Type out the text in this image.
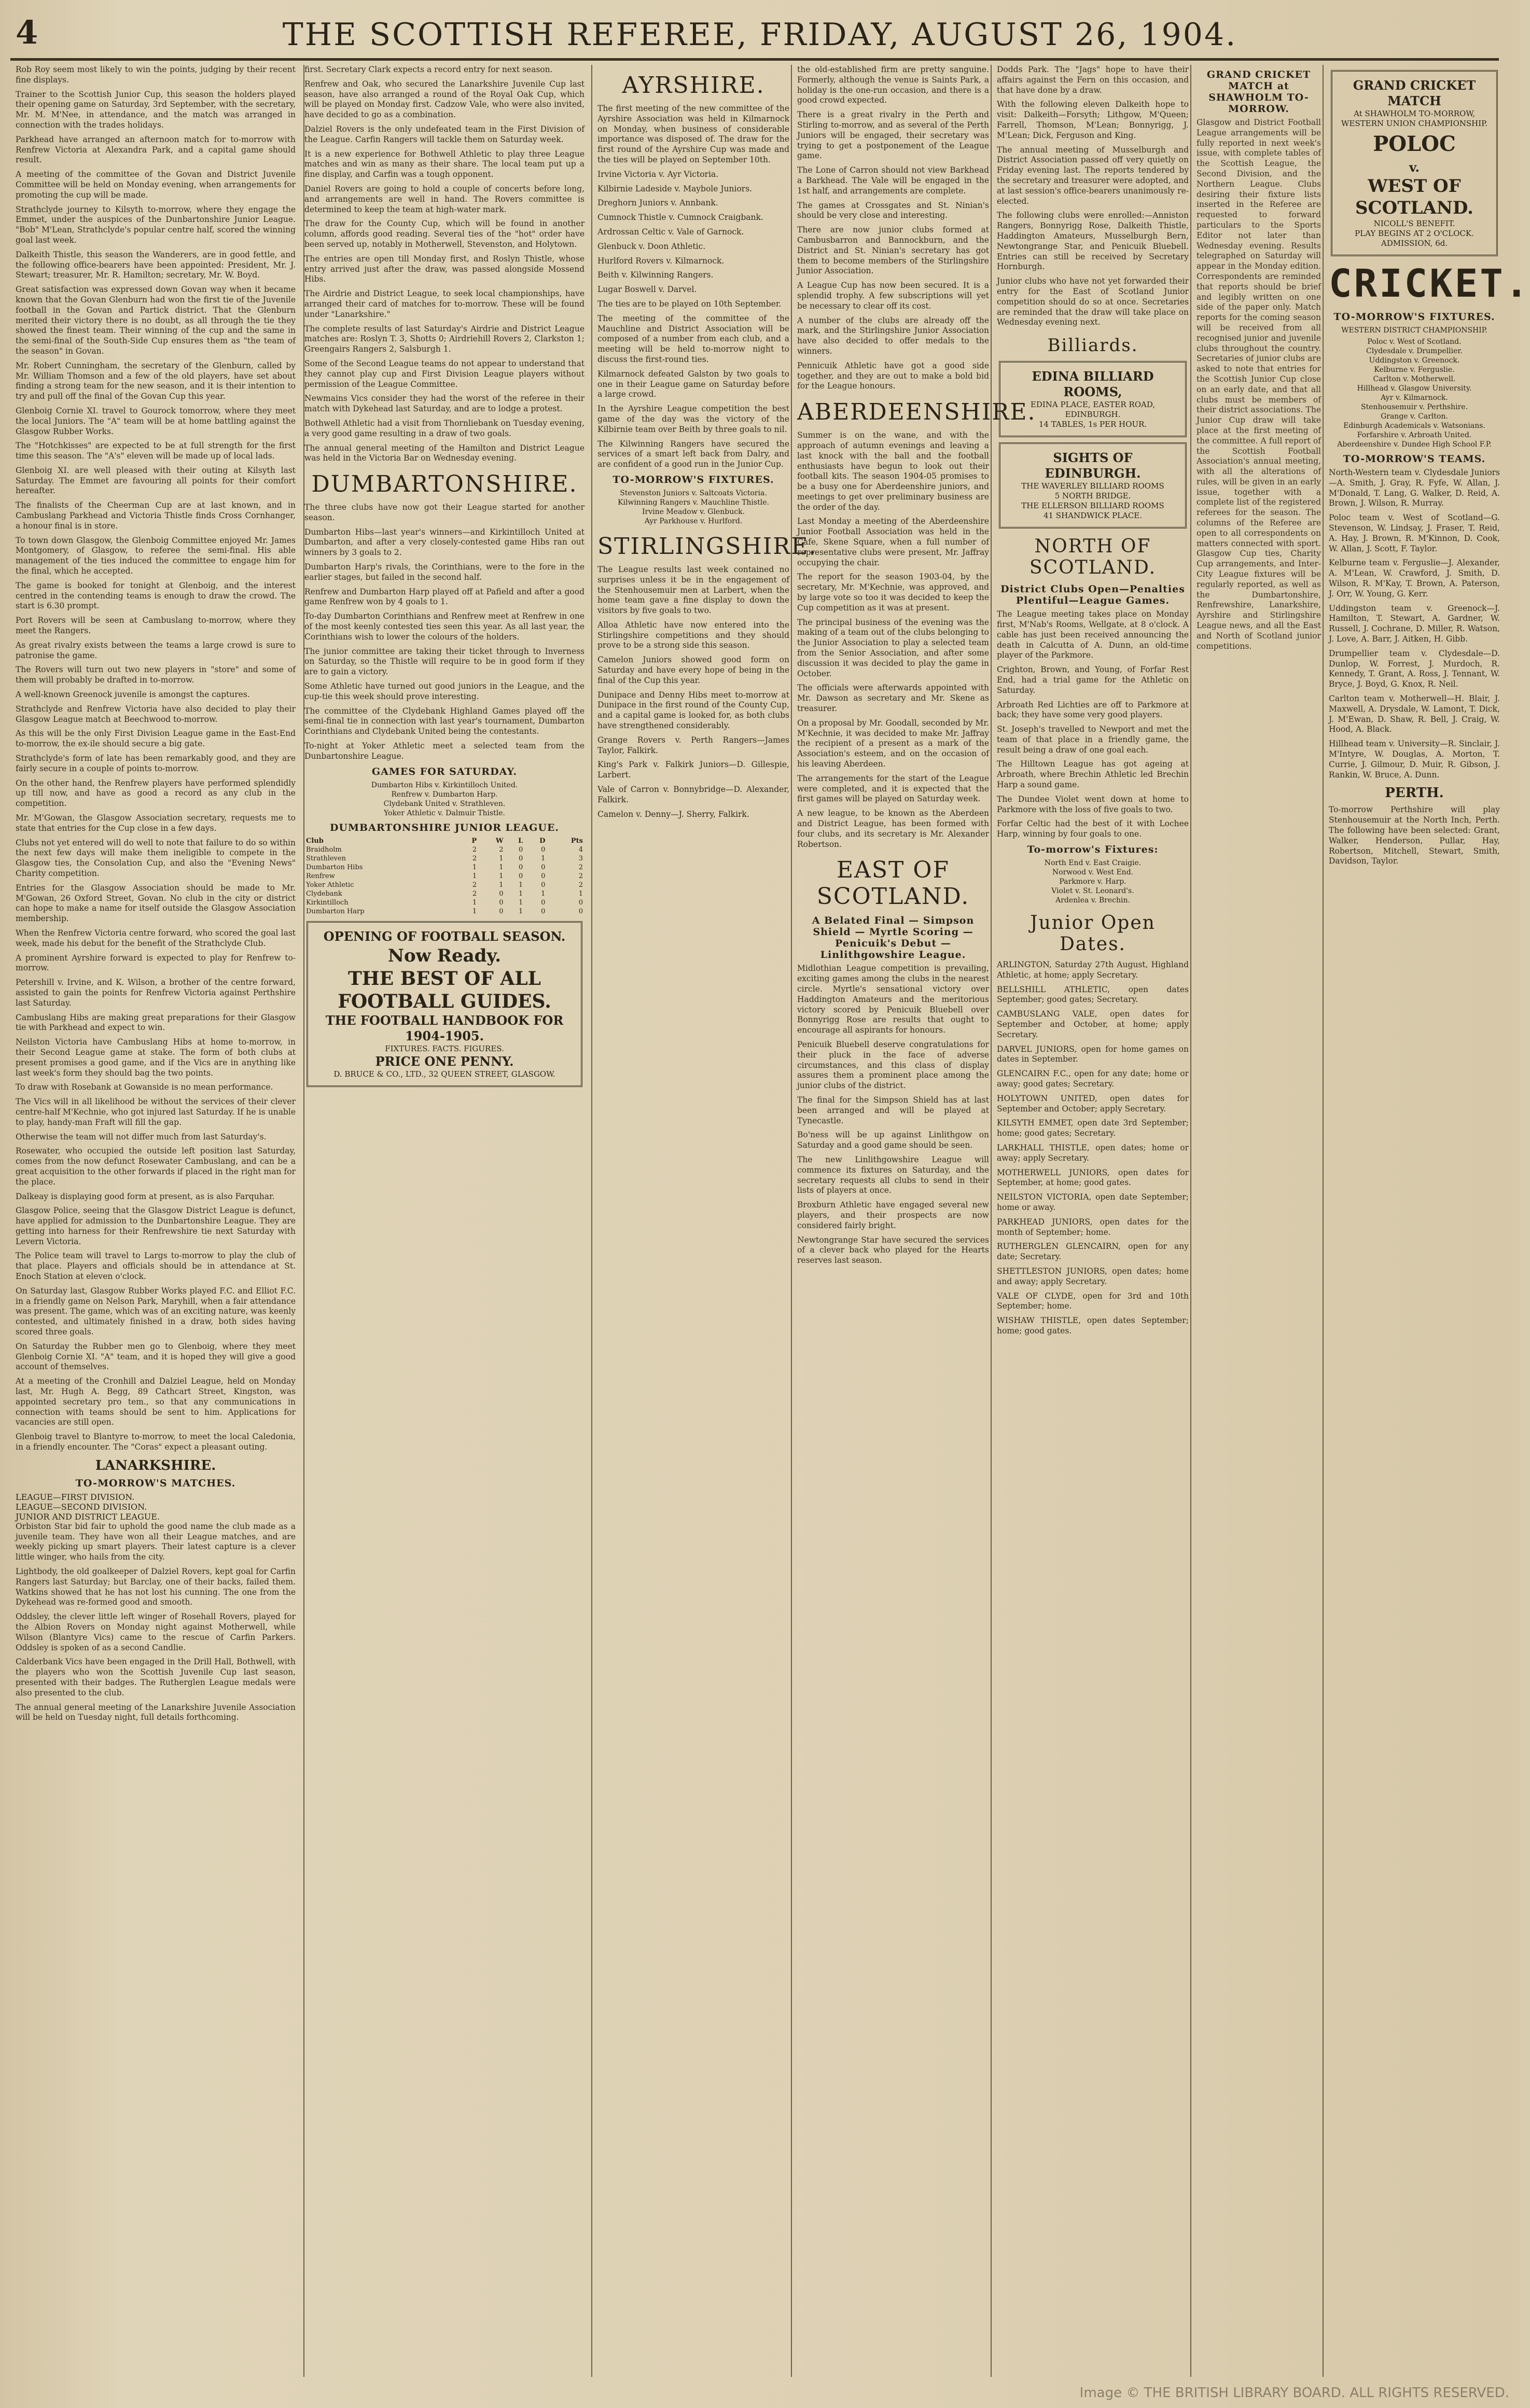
4	THE SCOTTISH REFEREE, FRIDAY, AUGUST 26, 1904.

Rob Roy seem most likely to win the points, judging by their recent fine displays.

Trainer to the Scottish Junior Cup, this season the holders played their opening game on Saturday, 3rd September, with the secretary, Mr. M. M'Nee, in attendance, and the match was arranged in connection with the trades holidays.

Parkhead have arranged an afternoon match for to-morrow with Renfrew Victoria at Alexandra Park, and a capital game should result.

A meeting of the committee of the Govan and District Juvenile Committee will be held on Monday evening, when arrangements for promoting the cup will be made.

Strathclyde journey to Kilsyth to-morrow, where they engage the Emmet, under the auspices of the Dunbartonshire Junior League. "Bob" M'Lean, Strathclyde's popular centre half, scored the winning goal last week.

Dalkeith Thistle, this season the Wanderers, are in good fettle, and the following office-bearers have been appointed: President, Mr. J. Stewart; treasurer, Mr. R. Hamilton; secretary, Mr. W. Boyd.

Great satisfaction was expressed down Govan way when it became known that the Govan Glenburn had won the first tie of the Juvenile football in the Govan and Partick district. That the Glenburn merited their victory there is no doubt, as all through the tie they showed the finest team. Their winning of the cup and the same in the semi-final of the South-Side Cup ensures them as "the team of the season" in Govan.

Mr. Robert Cunningham, the secretary of the Glenburn, called by Mr. William Thomson and a few of the old players, have set about finding a strong team for the new season, and it is their intention to try and pull off the final of the Govan Cup this year.

Glenboig Cornie XI. travel to Gourock tomorrow, where they meet the local Juniors. The "A" team will be at home battling against the Glasgow Rubber Works.

The "Hotchkisses" are expected to be at full strength for the first time this season. The "A's" eleven will be made up of local lads.

Glenboig XI. are well pleased with their outing at Kilsyth last Saturday. The Emmet are favouring all points for their comfort hereafter.

The finalists of the Cheerman Cup are at last known, and in Cambuslang Parkhead and Victoria Thistle finds Cross Cornhanger, a honour final is in store.

To town down Glasgow, the Glenboig Committee enjoyed Mr. James Montgomery, of Glasgow, to referee the semi-final. His able management of the ties induced the committee to engage him for the final, which he accepted.

The game is booked for tonight at Glenboig, and the interest centred in the contending teams is enough to draw the crowd. The start is 6.30 prompt.

Port Rovers will be seen at Cambuslang to-morrow, where they meet the Rangers.

As great rivalry exists between the teams a large crowd is sure to patronise the game.

The Rovers will turn out two new players in "store" and some of them will probably be drafted in to-morrow.

A well-known Greenock juvenile is amongst the captures.

Strathclyde and Renfrew Victoria have also decided to play their Glasgow League match at Beechwood to-morrow.

As this will be the only First Division League game in the East-End to-morrow, the ex-ile should secure a big gate.

Strathclyde's form of late has been remarkably good, and they are fairly secure in a couple of points to-morrow.

On the other hand, the Renfrew players have performed splendidly up till now, and have as good a record as any club in the competition.

Mr. M'Gowan, the Glasgow Association secretary, requests me to state that entries for the Cup close in a few days.

Clubs not yet entered will do well to note that failure to do so within the next few days will make them ineligible to compete in the Glasgow ties, the Consolation Cup, and also the "Evening News" Charity competition.

Entries for the Glasgow Association should be made to Mr. M'Gowan, 26 Oxford Street, Govan. No club in the city or district can hope to make a name for itself outside the Glasgow Association membership.

When the Renfrew Victoria centre forward, who scored the goal last week, made his debut for the benefit of the Strathclyde Club.

A prominent Ayrshire forward is expected to play for Renfrew to-morrow.

Petershill v. Irvine, and K. Wilson, a brother of the centre forward, assisted to gain the points for Renfrew Victoria against Perthshire last Saturday.

Cambuslang Hibs are making great preparations for their Glasgow tie with Parkhead and expect to win.

Neilston Victoria have Cambuslang Hibs at home to-morrow, in their Second League game at stake. The form of both clubs at present promises a good game, and if the Vics are in anything like last week's form they should bag the two points.

To draw with Rosebank at Gowanside is no mean performance.

The Vics will in all likelihood be without the services of their clever centre-half M'Kechnie, who got injured last Saturday. If he is unable to play, handy-man Fraft will fill the gap.

Otherwise the team will not differ much from last Saturday's.

Rosewater, who occupied the outside left position last Saturday, comes from the now defunct Rosewater Cambuslang, and can be a great acquisition to the other forwards if placed in the right man for the place.

Dalkeay is displaying good form at present, as is also Farquhar.

Glasgow Police, seeing that the Glasgow District League is defunct, have applied for admission to the Dunbartonshire League. They are getting into harness for their Renfrewshire tie next Saturday with Levern Victoria.

The Police team will travel to Largs to-morrow to play the club of that place. Players and officials should be in attendance at St. Enoch Station at eleven o'clock.

On Saturday last, Glasgow Rubber Works played F.C. and Elliot F.C. in a friendly game on Nelson Park, Maryhill, when a fair attendance was present. The game, which was of an exciting nature, was keenly contested, and ultimately finished in a draw, both sides having scored three goals.

On Saturday the Rubber men go to Glenboig, where they meet Glenboig Cornie XI. "A" team, and it is hoped they will give a good account of themselves.

At a meeting of the Cronhill and Dalziel League, held on Monday last, Mr. Hugh A. Begg, 89 Cathcart Street, Kingston, was appointed secretary pro tem., so that any communications in connection with teams should be sent to him. Applications for vacancies are still open.

Glenboig travel to Blantyre to-morrow, to meet the local Caledonia, in a friendly encounter. The "Coras" expect a pleasant outing.

LANARKSHIRE.
TO-MORROW'S MATCHES.
LEAGUE—FIRST DIVISION.
LEAGUE—SECOND DIVISION.
JUNIOR AND DISTRICT LEAGUE.

Orbiston Star bid fair to uphold the good name the club made as a juvenile team. They have won all their League matches, and are weekly picking up smart players. Their latest capture is a clever little winger, who hails from the city.

Lightbody, the old goalkeeper of Dalziel Rovers, kept goal for Carfin Rangers last Saturday; but Barclay, one of their backs, failed them. Watkins showed that he has not lost his cunning. The one from the Dykehead was re-formed good and smooth.

Oddsley, the clever little left winger of Rosehall Rovers, played for the Albion Rovers on Monday night against Motherwell, while Wilson (Blantyre Vics) came to the rescue of Carfin Parkers. Oddsley is spoken of as a second Candlie.

Calderbank Vics have been engaged in the Drill Hall, Bothwell, with the players who won the Scottish Juvenile Cup last season, presented with their badges. The Rutherglen League medals were also presented to the club.

The annual general meeting of the Lanarkshire Juvenile Association will be held on Tuesday night, full details forthcoming.

first. Secretary Clark expects a record entry for next season.

Renfrew and Oak, who secured the Lanarkshire Juvenile Cup last season, have also arranged a round of the Royal Oak Cup, which will be played on Monday first. Cadzow Vale, who were also invited, have decided to go as a combination.

Dalziel Rovers is the only undefeated team in the First Division of the League. Carfin Rangers will tackle them on Saturday week.

It is a new experience for Bothwell Athletic to play three League matches and win as many as their share. The local team put up a fine display, and Carfin was a tough opponent.

Daniel Rovers are going to hold a couple of concerts before long, and arrangements are well in hand. The Rovers committee is determined to keep the team at high-water mark.

The draw for the County Cup, which will be found in another column, affords good reading. Several ties of the "hot" order have been served up, notably in Motherwell, Stevenston, and Holytown.

The entries are open till Monday first, and Roslyn Thistle, whose entry arrived just after the draw, was passed alongside Mossend Hibs.

The Airdrie and District League, to seek local championships, have arranged their card of matches for to-morrow. These will be found under "Lanarkshire."

The complete results of last Saturday's Airdrie and District League matches are: Roslyn T. 3, Shotts 0; Airdriehill Rovers 2, Clarkston 1; Greengairs Rangers 2, Salsburgh 1.

Some of the Second League teams do not appear to understand that they cannot play cup and First Division League players without permission of the League Committee.

Newmains Vics consider they had the worst of the referee in their match with Dykehead last Saturday, and are to lodge a protest.

Bothwell Athletic had a visit from Thornliebank on Tuesday evening, a very good game resulting in a draw of two goals.

The annual general meeting of the Hamilton and District League was held in the Victoria Bar on Wednesday evening.

DUMBARTONSHIRE.

The three clubs have now got their League started for another season.

Dumbarton Hibs—last year's winners—and Kirkintilloch United at Dumbarton, and after a very closely-contested game Hibs ran out winners by 3 goals to 2.

Dumbarton Harp's rivals, the Corinthians, were to the fore in the earlier stages, but failed in the second half.

Renfrew and Dumbarton Harp played off at Pafield and after a good game Renfrew won by 4 goals to 1.

To-day Dumbarton Corinthians and Renfrew meet at Renfrew in one of the most keenly contested ties seen this year. As all last year, the Corinthians wish to lower the colours of the holders.

The junior committee are taking their ticket through to Inverness on Saturday, so the Thistle will require to be in good form if they are to gain a victory.

Some Athletic have turned out good juniors in the League, and the cup-tie this week should prove interesting.

The committee of the Clydebank Highland Games played off the semi-final tie in connection with last year's tournament, Dumbarton Corinthians and Clydebank United being the contestants.

To-night at Yoker Athletic meet a selected team from the Dunbartonshire League.

GAMES FOR SATURDAY.
Dumbarton Hibs v. Kirkintilloch United.
Renfrew v. Dumbarton Harp.
Clydebank United v. Strathleven.
Yoker Athletic v. Dalmuir Thistle.
DUMBARTONSHIRE JUNIOR LEAGUE.
Club	P	W	L	D	Pts
Braidholm	2	2	0	0	4
Strathleven	2	1	0	1	3
Dumbarton Hibs	1	1	0	0	2
Renfrew	1	1	0	0	2
Yoker Athletic	2	1	1	0	2
Clydebank	2	0	1	1	1
Kirkintilloch	1	0	1	0	0
Dumbarton Harp	1	0	1	0	0
OPENING OF FOOTBALL SEASON.
Now Ready.
THE BEST OF ALL FOOTBALL GUIDES.
THE FOOTBALL HANDBOOK FOR 1904-1905.
FIXTURES. FACTS. FIGURES.
PRICE ONE PENNY.
D. BRUCE & CO., LTD., 32 QUEEN STREET, GLASGOW.
AYRSHIRE.

The first meeting of the new committee of the Ayrshire Association was held in Kilmarnock on Monday, when business of considerable importance was disposed of. The draw for the first round of the Ayrshire Cup was made and the ties will be played on September 10th.

Irvine Victoria v. Ayr Victoria.

Kilbirnie Ladeside v. Maybole Juniors.

Dreghorn Juniors v. Annbank.

Cumnock Thistle v. Cumnock Craigbank.

Ardrossan Celtic v. Vale of Garnock.

Glenbuck v. Doon Athletic.

Hurlford Rovers v. Kilmarnock.

Beith v. Kilwinning Rangers.

Lugar Boswell v. Darvel.

The ties are to be played on 10th September.

The meeting of the committee of the Mauchline and District Association will be composed of a number from each club, and a meeting will be held to-morrow night to discuss the first-round ties.

Kilmarnock defeated Galston by two goals to one in their League game on Saturday before a large crowd.

In the Ayrshire League competition the best game of the day was the victory of the Kilbirnie team over Beith by three goals to nil.

The Kilwinning Rangers have secured the services of a smart left back from Dalry, and are confident of a good run in the Junior Cup.

TO-MORROW'S FIXTURES.
Stevenston Juniors v. Saltcoats Victoria.
Kilwinning Rangers v. Mauchline Thistle.
Irvine Meadow v. Glenbuck.
Ayr Parkhouse v. Hurlford.
STIRLINGSHIRE.

The League results last week contained no surprises unless it be in the engagement of the Stenhousemuir men at Larbert, when the home team gave a fine display to down the visitors by five goals to two.

Alloa Athletic have now entered into the Stirlingshire competitions and they should prove to be a strong side this season.

Camelon Juniors showed good form on Saturday and have every hope of being in the final of the Cup this year.

Dunipace and Denny Hibs meet to-morrow at Dunipace in the first round of the County Cup, and a capital game is looked for, as both clubs have strengthened considerably.

Grange Rovers v. Perth Rangers—James Taylor, Falkirk.

King's Park v. Falkirk Juniors—D. Gillespie, Larbert.

Vale of Carron v. Bonnybridge—D. Alexander, Falkirk.

Camelon v. Denny—J. Sherry, Falkirk.

the old-established firm are pretty sanguine. Formerly, although the venue is Saints Park, a holiday is the one-run occasion, and there is a good crowd expected.

There is a great rivalry in the Perth and Stirling to-morrow, and as several of the Perth Juniors will be engaged, their secretary was trying to get a postponement of the League game.

The Lone of Carron should not view Barkhead a Barkhead. The Vale will be engaged in the 1st half, and arrangements are complete.

The games at Crossgates and St. Ninian's should be very close and interesting.

There are now junior clubs formed at Cambusbarron and Bannockburn, and the District and St. Ninian's secretary has got them to become members of the Stirlingshire Junior Association.

A League Cup has now been secured. It is a splendid trophy. A few subscriptions will yet be necessary to clear off its cost.

A number of the clubs are already off the mark, and the Stirlingshire Junior Association have also decided to offer medals to the winners.

Pennicuik Athletic have got a good side together, and they are out to make a bold bid for the League honours.

ABERDEENSHIRE.

Summer is on the wane, and with the approach of autumn evenings and leaving a last knock with the ball and the football enthusiasts have begun to look out their football kits. The season 1904-05 promises to be a busy one for Aberdeenshire juniors, and meetings to get over preliminary business are the order of the day.

Last Monday a meeting of the Aberdeenshire Junior Football Association was held in the Cafe, Skene Square, when a full number of representative clubs were present, Mr. Jaffray occupying the chair.

The report for the season 1903-04, by the secretary, Mr. M'Kechnie, was approved, and by large vote so too it was decided to keep the Cup competition as it was at present.

The principal business of the evening was the making of a team out of the clubs belonging to the Junior Association to play a selected team from the Senior Association, and after some discussion it was decided to play the game in October.

The officials were afterwards appointed with Mr. Dawson as secretary and Mr. Skene as treasurer.

On a proposal by Mr. Goodall, seconded by Mr. M'Kechnie, it was decided to make Mr. Jaffray the recipient of a present as a mark of the Association's esteem, and on the occasion of his leaving Aberdeen.

The arrangements for the start of the League were completed, and it is expected that the first games will be played on Saturday week.

A new league, to be known as the Aberdeen and District League, has been formed with four clubs, and its secretary is Mr. Alexander Robertson.

EAST OF SCOTLAND.
A Belated Final — Simpson Shield — Myrtle Scoring — Penicuik's Debut — Linlithgowshire League.

Midlothian League competition is prevailing, exciting games among the clubs in the nearest circle. Myrtle's sensational victory over Haddington Amateurs and the meritorious victory scored by Penicuik Bluebell over Bonnyrigg Rose are results that ought to encourage all aspirants for honours.

Penicuik Bluebell deserve congratulations for their pluck in the face of adverse circumstances, and this class of display assures them a prominent place among the junior clubs of the district.

The final for the Simpson Shield has at last been arranged and will be played at Tynecastle.

Bo'ness will be up against Linlithgow on Saturday and a good game should be seen.

The new Linlithgowshire League will commence its fixtures on Saturday, and the secretary requests all clubs to send in their lists of players at once.

Broxburn Athletic have engaged several new players, and their prospects are now considered fairly bright.

Newtongrange Star have secured the services of a clever back who played for the Hearts reserves last season.

Dodds Park. The "Jags" hope to have their affairs against the Fern on this occasion, and that have done by a draw.

With the following eleven Dalkeith hope to visit: Dalkeith—Forsyth; Lithgow, M'Queen; Farrell, Thomson, M'Lean; Bonnyrigg, J. M'Lean; Dick, Ferguson and King.

The annual meeting of Musselburgh and District Association passed off very quietly on Friday evening last. The reports tendered by the secretary and treasurer were adopted, and at last session's office-bearers unanimously re-elected.

The following clubs were enrolled:—Anniston Rangers, Bonnyrigg Rose, Dalkeith Thistle, Haddington Amateurs, Musselburgh Bern, Newtongrange Star, and Penicuik Bluebell. Entries can still be received by Secretary Hornburgh.

Junior clubs who have not yet forwarded their entry for the East of Scotland Junior competition should do so at once. Secretaries are reminded that the draw will take place on Wednesday evening next.

Billiards.
EDINA BILLIARD ROOMS,
EDINA PLACE, EASTER ROAD, EDINBURGH.
14 TABLES, 1s PER HOUR.
SIGHTS OF EDINBURGH.
THE WAVERLEY BILLIARD ROOMS
5 NORTH BRIDGE.
THE ELLERSON BILLIARD ROOMS
41 SHANDWICK PLACE.
NORTH OF SCOTLAND.
District Clubs Open—Penalties Plentiful—League Games.

The League meeting takes place on Monday first, M'Nab's Rooms, Wellgate, at 8 o'clock. A cable has just been received announcing the death in Calcutta of A. Dunn, an old-time player of the Parkmore.

Crighton, Brown, and Young, of Forfar Rest End, had a trial game for the Athletic on Saturday.

Arbroath Red Lichties are off to Parkmore at back; they have some very good players.

St. Joseph's travelled to Newport and met the team of that place in a friendly game, the result being a draw of one goal each.

The Hilltown League has got ageing at Arbroath, where Brechin Athletic led Brechin Harp a sound game.

The Dundee Violet went down at home to Parkmore with the loss of five goals to two.

Forfar Celtic had the best of it with Lochee Harp, winning by four goals to one.

To-morrow's Fixtures:
North End v. East Craigie.
Norwood v. West End.
Parkmore v. Harp.
Violet v. St. Leonard's.
Ardenlea v. Brechin.
Junior Open Dates.

ARLINGTON, Saturday 27th August, Highland Athletic, at home; apply Secretary.

BELLSHILL ATHLETIC, open dates September; good gates; Secretary.

CAMBUSLANG VALE, open dates for September and October, at home; apply Secretary.

DARVEL JUNIORS, open for home games on dates in September.

GLENCAIRN F.C., open for any date; home or away; good gates; Secretary.

HOLYTOWN UNITED, open dates for September and October; apply Secretary.

KILSYTH EMMET, open date 3rd September; home; good gates; Secretary.

LARKHALL THISTLE, open dates; home or away; apply Secretary.

MOTHERWELL JUNIORS, open dates for September, at home; good gates.

NEILSTON VICTORIA, open date September; home or away.

PARKHEAD JUNIORS, open dates for the month of September; home.

RUTHERGLEN GLENCAIRN, open for any date; Secretary.

SHETTLESTON JUNIORS, open dates; home and away; apply Secretary.

VALE OF CLYDE, open for 3rd and 10th September; home.

WISHAW THISTLE, open dates September; home; good gates.

GRAND CRICKET MATCH at SHAWHOLM TO-MORROW.
Glasgow and District Football League arrangements will be fully reported in next week's issue, with complete tables of the Scottish League, the Second Division, and the Northern League. Clubs desiring their fixture lists inserted in the Referee are requested to forward particulars to the Sports Editor not later than Wednesday evening. Results telegraphed on Saturday will appear in the Monday edition. Correspondents are reminded that reports should be brief and legibly written on one side of the paper only. Match reports for the coming season will be received from all recognised junior and juvenile clubs throughout the country. Secretaries of junior clubs are asked to note that entries for the Scottish Junior Cup close on an early date, and that all clubs must be members of their district associations. The Junior Cup draw will take place at the first meeting of the committee. A full report of the Scottish Football Association's annual meeting, with all the alterations of rules, will be given in an early issue, together with a complete list of the registered referees for the season. The columns of the Referee are open to all correspondents on matters connected with sport. Glasgow Cup ties, Charity Cup arrangements, and Inter-City League fixtures will be regularly reported, as well as the Dumbartonshire, Renfrewshire, Lanarkshire, Ayrshire and Stirlingshire League news, and all the East and North of Scotland junior competitions.
GRAND CRICKET MATCH
At SHAWHOLM TO-MORROW,
WESTERN UNION CHAMPIONSHIP.
POLOC
v.
WEST OF SCOTLAND.
NICOLL'S BENEFIT.
PLAY BEGINS AT 2 O'CLOCK.
ADMISSION, 6d.
CRICKET.
TO-MORROW'S FIXTURES.
WESTERN DISTRICT CHAMPIONSHIP.
Poloc v. West of Scotland.
Clydesdale v. Drumpellier.
Uddingston v. Greenock.
Kelburne v. Ferguslie.
Carlton v. Motherwell.
Hillhead v. Glasgow University.
Ayr v. Kilmarnock.
Stenhousemuir v. Perthshire.
Grange v. Carlton.
Edinburgh Academicals v. Watsonians.
Forfarshire v. Arbroath United.
Aberdeenshire v. Dundee High School F.P.
TO-MORROW'S TEAMS.

North-Western team v. Clydesdale Juniors—A. Smith, J. Gray, R. Fyfe, W. Allan, J. M'Donald, T. Lang, G. Walker, D. Reid, A. Brown, J. Wilson, R. Murray.

Poloc team v. West of Scotland—G. Stevenson, W. Lindsay, J. Fraser, T. Reid, A. Hay, J. Brown, R. M'Kinnon, D. Cook, W. Allan, J. Scott, F. Taylor.

Kelburne team v. Ferguslie—J. Alexander, A. M'Lean, W. Crawford, J. Smith, D. Wilson, R. M'Kay, T. Brown, A. Paterson, J. Orr, W. Young, G. Kerr.

Uddingston team v. Greenock—J. Hamilton, T. Stewart, A. Gardner, W. Russell, J. Cochrane, D. Miller, R. Watson, J. Love, A. Barr, J. Aitken, H. Gibb.

Drumpellier team v. Clydesdale—D. Dunlop, W. Forrest, J. Murdoch, R. Kennedy, T. Grant, A. Ross, J. Tennant, W. Bryce, J. Boyd, G. Knox, R. Neil.

Carlton team v. Motherwell—H. Blair, J. Maxwell, A. Drysdale, W. Lamont, T. Dick, J. M'Ewan, D. Shaw, R. Bell, J. Craig, W. Hood, A. Black.

Hillhead team v. University—R. Sinclair, J. M'Intyre, W. Douglas, A. Morton, T. Currie, J. Gilmour, D. Muir, R. Gibson, J. Rankin, W. Bruce, A. Dunn.

PERTH.

To-morrow Perthshire will play Stenhousemuir at the North Inch, Perth. The following have been selected: Grant, Walker, Henderson, Pullar, Hay, Robertson, Mitchell, Stewart, Smith, Davidson, Taylor.

Image © THE BRITISH LIBRARY BOARD. ALL RIGHTS RESERVED.
